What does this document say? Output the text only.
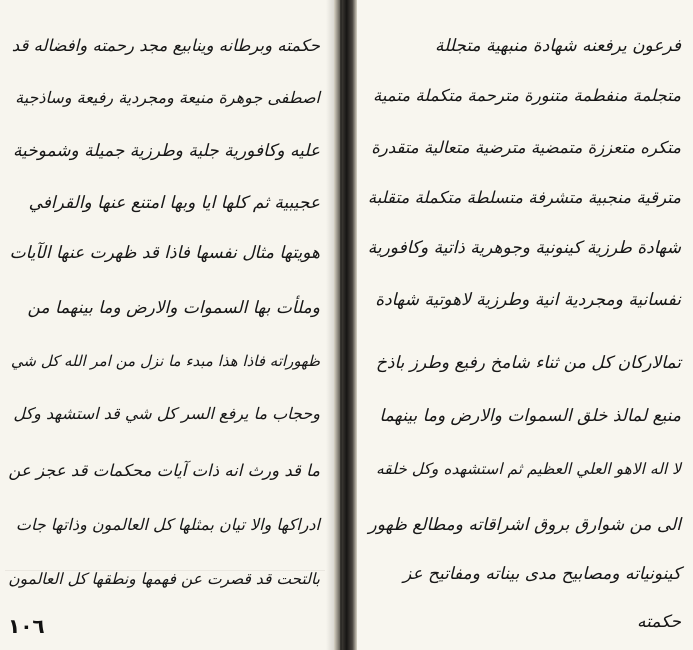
حكمته وبرطانه وينابيع مجد رحمته وافضاله قد
اصطفى جوهرة منيعة ومجردية رفيعة وساذجية
عليه وكافورية جلية وطرزية جميلة وشموخية
عجيبية ثم كلها ايا وبها امتنع عنها والقرافي
هويتها مثال نفسها فاذا قد ظهرت عنها الآيات
وملأت بها السموات والارض وما بينهما من
ظهوراته فاذا هذا مبدء ما نزل من امر الله كل شي
وحجاب ما يرفع السر كل شي قد استشهد وكل
ما قد ورث انه ذات آيات محكمات قد عجز عن
ادراكها والا تيان بمثلها كل العالمون وذاتها جات
بالتحت قد قصرت عن فهمها ونطقها كل العالمون
١٠٦
فرعون يرفعنه شهادة منبهية متجللة
متجلمة منفطمة متنورة مترحمة متكملة متمية
متكره متعززة متمضية مترضية متعالية متقدرة
مترقية منجبية متشرفة متسلطة متكملة متقلبة
شهادة طرزية كينونية وجوهرية ذاتية وكافورية
نفسانية ومجردية انية وطرزية لاهوتية شهادة
تمالاركان كل من ثناء شامخ رفيع وطرز باذخ
منيع لمالذ خلق السموات والارض وما بينهما
لا اله الاهو العلي العظيم ثم استشهده وكل خلقه
الى من شوارق بروق اشراقاته ومطالع ظهور
كينونياته ومصابيح مدى بيناته ومفاتيح عز
حكمته
